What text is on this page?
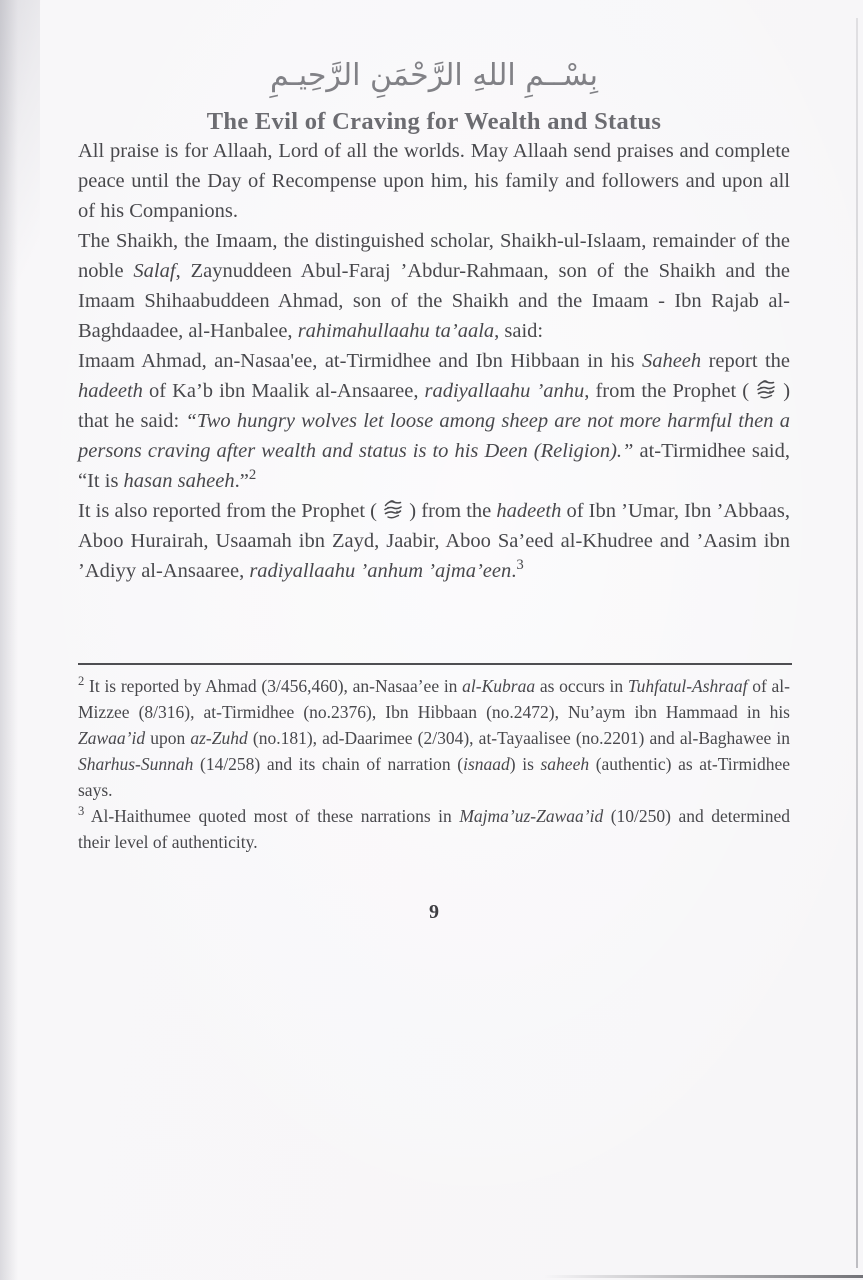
بِسْــمِ اللهِ الرَّحْمَنِ الرَّحِيـمِ
The Evil of Craving for Wealth and Status

All praise is for Allaah, Lord of all the worlds. May Allaah send praises and complete peace until the Day of Recompense upon him, his family and followers and upon all of his Companions.

The Shaikh, the Imaam, the distinguished scholar, Shaikh-ul-Islaam, remainder of the noble Salaf, Zaynuddeen Abul-Faraj ’Abdur-Rahmaan, son of the Shaikh and the Imaam Shihaabuddeen Ahmad, son of the Shaikh and the Imaam - Ibn Rajab al-Baghdaadee, al-Hanbalee, rahimahullaahu ta’aala, said:

Imaam Ahmad, an-Nasaa'ee, at-Tirmidhee and Ibn Hibbaan in his Saheeh report the hadeeth of Ka’b ibn Maalik al-Ansaaree, radiyallaahu ’anhu, from the Prophet ( ) that he said: “Two hungry wolves let loose among sheep are not more harmful then a persons craving after wealth and status is to his Deen (Religion).” at-Tirmidhee said, “It is hasan saheeh.”$^2$

It is also reported from the Prophet ( ) from the hadeeth of Ibn ’Umar, Ibn ’Abbaas, Aboo Hurairah, Usaamah ibn Zayd, Jaabir, Aboo Sa’eed al-Khudree and ’Aasim ibn ’Adiyy al-Ansaaree, radiyallaahu ’anhum ’ajma’een.$^3$

$^2$ It is reported by Ahmad (3/456,460), an-Nasaa’ee in al-Kubraa as occurs in Tuhfatul-Ashraaf of al-Mizzee (8/316), at-Tirmidhee (no.2376), Ibn Hibbaan (no.2472), Nu’aym ibn Hammaad in his Zawaa’id upon az-Zuhd (no.181), ad-Daarimee (2/304), at-Tayaalisee (no.2201) and al-Baghawee in Sharhus-Sunnah (14/258) and its chain of narration (isnaad) is saheeh (authentic) as at-Tirmidhee says.

$^3$ Al-Haithumee quoted most of these narrations in Majma’uz-Zawaa’id (10/250) and determined their level of authenticity.

9
